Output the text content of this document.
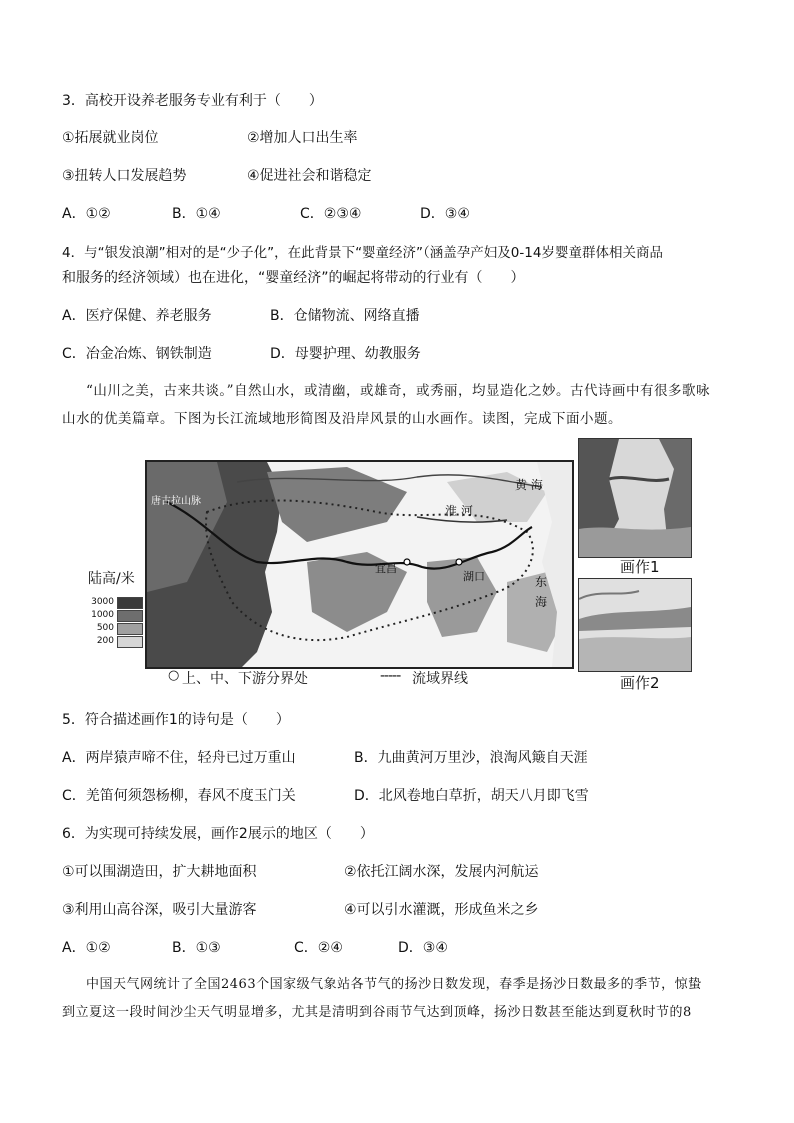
3．高校开设养老服务专业有利于（　　）
①拓展就业岗位	②增加人口出生率
③扭转人口发展趋势	④促进社会和谐稳定
A．①②	B．①④	C．②③④	D．③④
4．与“银发浪潮”相对的是“少子化”，在此背景下“婴童经济”（涵盖孕产妇及0-14岁婴童群体相关商品
和服务的经济领域）也在进化，“婴童经济”的崛起将带动的行业有（　　）
A．医疗保健、养老服务	B．仓储物流、网络直播
C．冶金冶炼、钢铁制造	D．母婴护理、幼教服务
“山川之美，古来共谈。”自然山水，或清幽，或雄奇，或秀丽，均显造化之妙。古代诗画中有很多歌咏
山水的优美篇章。下图为长江流域地形简图及沿岸风景的山水画作。读图，完成下面小题。
陆高/米
3000
1000
500
200
唐古拉山脉
黄 海
淮 河
宜昌
湖口	东 海
○ 上、中、下游分界处	----- 流域界线
画作1
画作2
5．符合描述画作1的诗句是（　　）
A．两岸猿声啼不住，轻舟已过万重山	B．九曲黄河万里沙，浪淘风簸自天涯
C．羌笛何须怨杨柳，春风不度玉门关	D．北风卷地白草折，胡天八月即飞雪
6．为实现可持续发展，画作2展示的地区（　　）
①可以围湖造田，扩大耕地面积	②依托江阔水深，发展内河航运
③利用山高谷深，吸引大量游客	④可以引水灌溉，形成鱼米之乡
A．①②	B．①③	C．②④	D．③④
中国天气网统计了全国2463个国家级气象站各节气的扬沙日数发现，春季是扬沙日数最多的季节，惊蛰
到立夏这一段时间沙尘天气明显增多，尤其是清明到谷雨节气达到顶峰，扬沙日数甚至能达到夏秋时节的8
